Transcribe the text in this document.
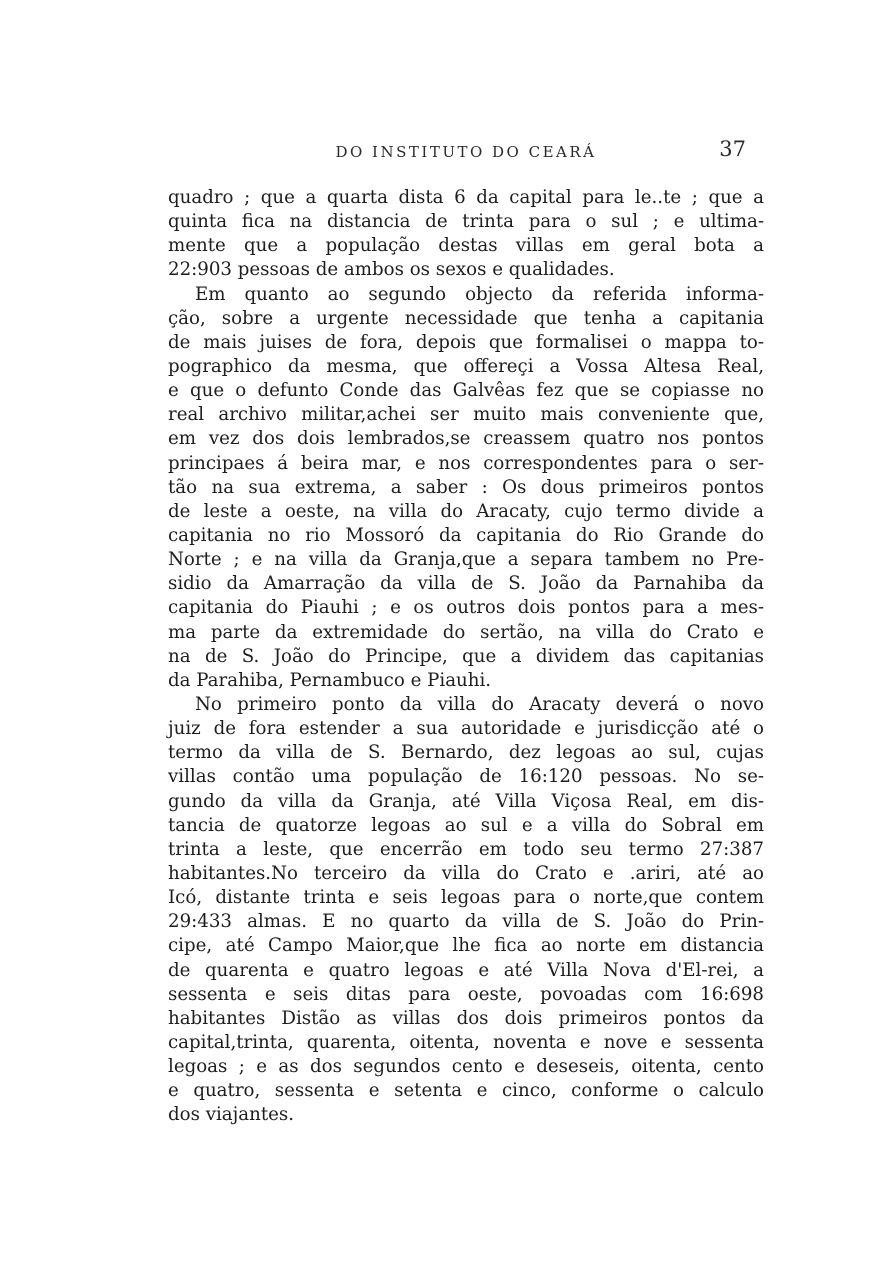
DO INSTITUTO DO CEARÁ	37
quadro ; que a quarta dista 6 da capital para le..te ; que a
quinta fica na distancia de trinta para o sul ; e ultima-
mente que a população destas villas em geral bota a
22:903 pessoas de ambos os sexos e qualidades.
Em quanto ao segundo objecto da referida informa-
ção, sobre a urgente necessidade que tenha a capitania
de mais juises de fora, depois que formalisei o mappa to-
pographico da mesma, que offereçi a Vossa Altesa Real,
e que o defunto Conde das Galvêas fez que se copiasse no
real archivo militar,achei ser muito mais conveniente que,
em vez dos dois lembrados,se creassem quatro nos pontos
principaes á beira mar, e nos correspondentes para o ser-
tão na sua extrema, a saber : Os dous primeiros pontos
de leste a oeste, na villa do Aracaty, cujo termo divide a
capitania no rio Mossoró da capitania do Rio Grande do
Norte ; e na villa da Granja,que a separa tambem no Pre-
sidio da Amarração da villa de S. João da Parnahiba da
capitania do Piauhi ; e os outros dois pontos para a mes-
ma parte da extremidade do sertão, na villa do Crato e
na de S. João do Principe, que a dividem das capitanias
da Parahiba, Pernambuco e Piauhi.
No primeiro ponto da villa do Aracaty deverá o novo
juiz de fora estender a sua autoridade e jurisdicção até o
termo da villa de S. Bernardo, dez legoas ao sul, cujas
villas contão uma população de 16:120 pessoas. No se-
gundo da villa da Granja, até Villa Viçosa Real, em dis-
tancia de quatorze legoas ao sul e a villa do Sobral em
trinta a leste, que encerrão em todo seu termo 27:387
habitantes.No terceiro da villa do Crato e .ariri, até ao
Icó, distante trinta e seis legoas para o norte,que contem
29:433 almas. E no quarto da villa de S. João do Prin-
cipe, até Campo Maior,que lhe fica ao norte em distancia
de quarenta e quatro legoas e até Villa Nova d'El-rei, a
sessenta e seis ditas para oeste, povoadas com 16:698
habitantes Distão as villas dos dois primeiros pontos da
capital,trinta, quarenta, oitenta, noventa e nove e sessenta
legoas ; e as dos segundos cento e deseseis, oitenta, cento
e quatro, sessenta e setenta e cinco, conforme o calculo
dos viajantes.
